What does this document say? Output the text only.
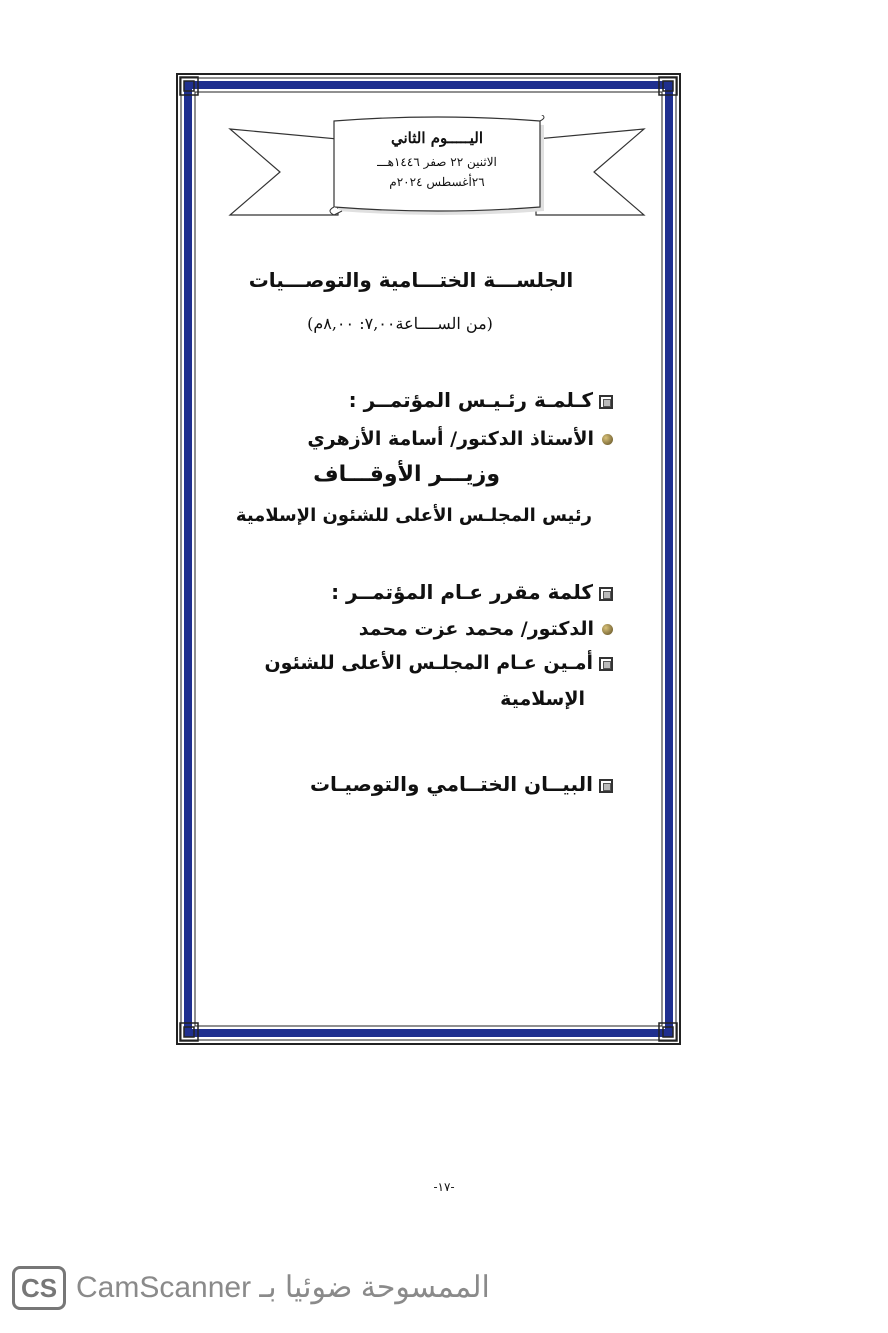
اليـــــوم الثاني
الاثنين ٢٢ صفر ١٤٤٦هـــ
٢٦أغسطس ٢٠٢٤م
الجلســـة الختـــامية والتوصـــيات
(من الســــاعة٧,٠٠: ٨,٠٠م)
كـلمـة رئـيـس المؤتمــر :
الأستاذ الدكتور/ أسامة الأزهري
وزيـــر الأوقـــاف
رئيس المجلـس الأعلى للشئون الإسلامية
كلمة مقرر عـام المؤتمــر :
الدكتور/ محمد عزت محمد
أمـين عـام المجلـس الأعلى للشئون
الإسلامية
البيــان الختــامي والتوصيـات
-١٧-
CS CamScanner الممسوحة ضوئيا بـ
